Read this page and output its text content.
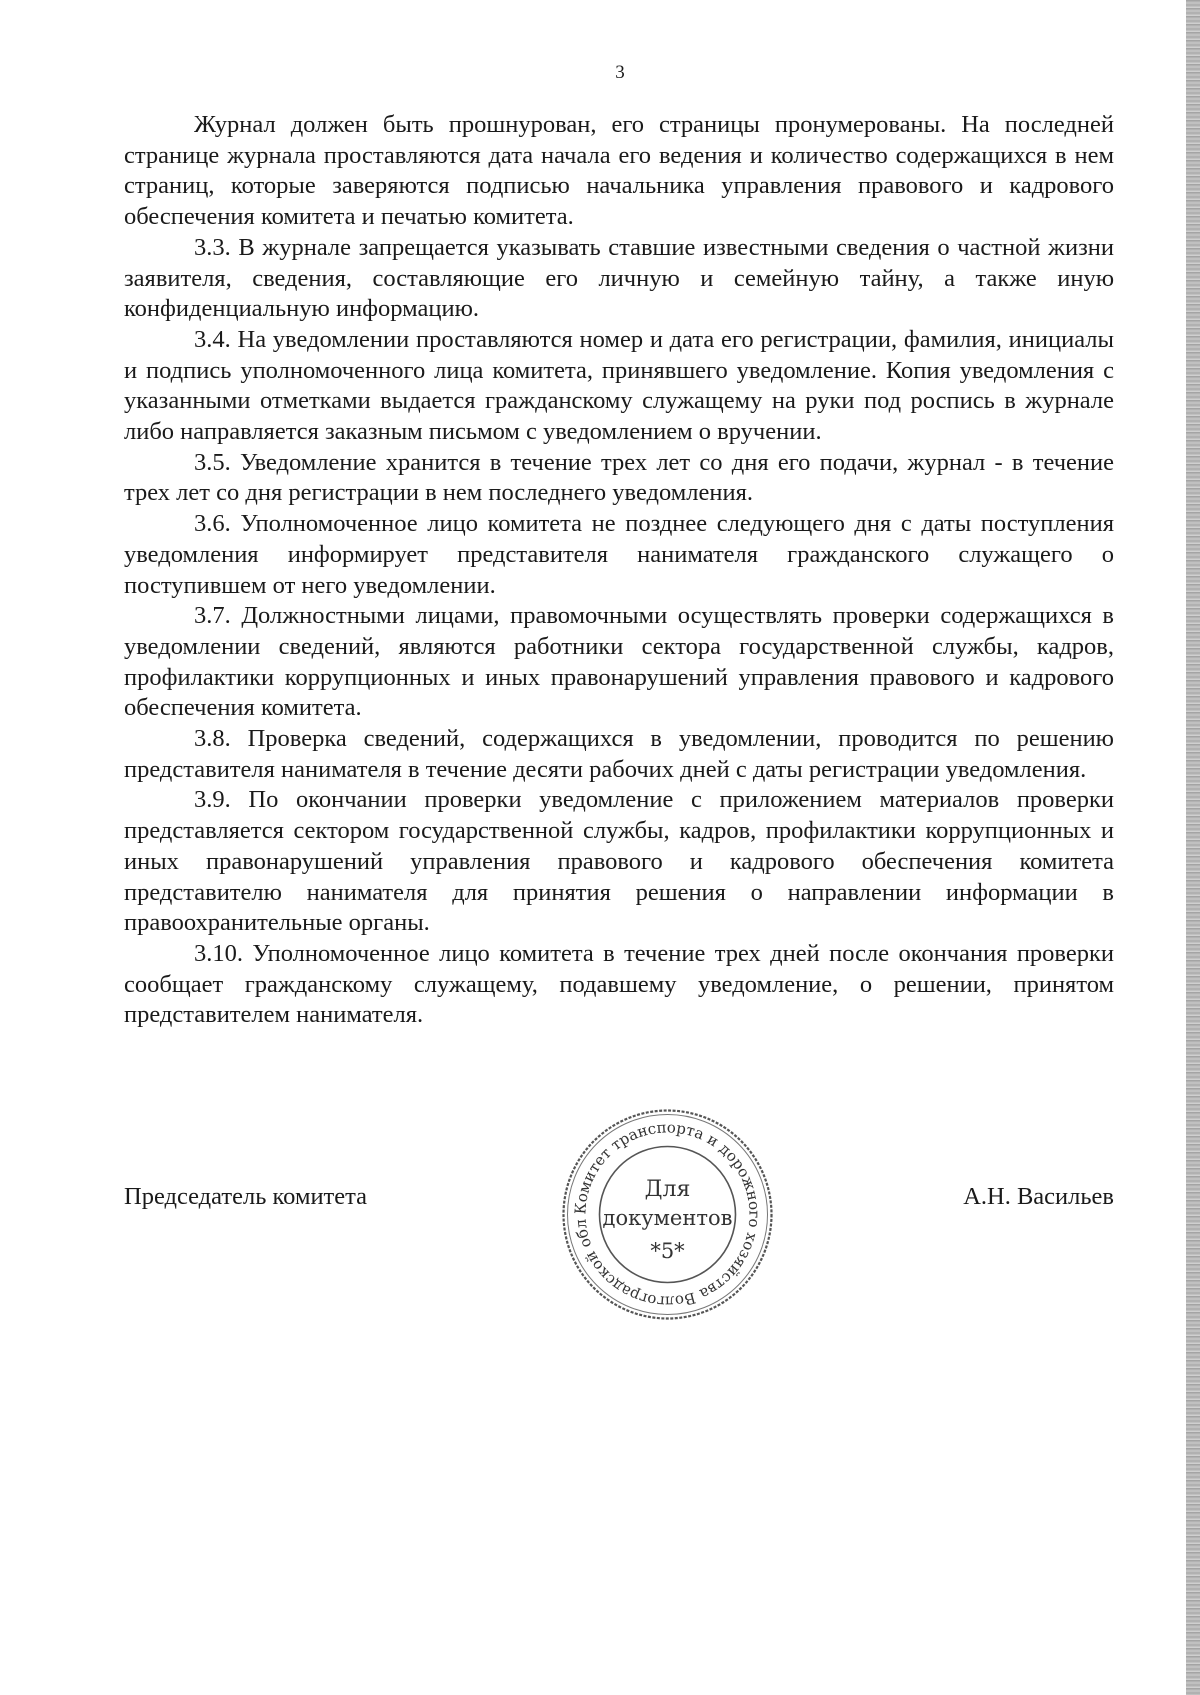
3

Журнал должен быть прошнурован, его страницы пронумерованы. На последней странице журнала проставляются дата начала его ведения и количество содержащихся в нем страниц, которые заверяются подписью начальника управления правового и кадрового обеспечения комитета и печатью комитета.

3.3. В журнале запрещается указывать ставшие известными сведения о частной жизни заявителя, сведения, составляющие его личную и семейную тайну, а также иную конфиденциальную информацию.

3.4. На уведомлении проставляются номер и дата его регистрации, фамилия, инициалы и подпись уполномоченного лица комитета, принявшего уведомление. Копия уведомления с указанными отметками выдается гражданскому служащему на руки под роспись в журнале либо направляется заказным письмом с уведомлением о вручении.

3.5. Уведомление хранится в течение трех лет со дня его подачи, журнал - в течение трех лет со дня регистрации в нем последнего уведомления.

3.6. Уполномоченное лицо комитета не позднее следующего дня с даты поступления уведомления информирует представителя нанимателя гражданского служащего о поступившем от него уведомлении.

3.7. Должностными лицами, правомочными осуществлять проверки содержащихся в уведомлении сведений, являются работники сектора государственной службы, кадров, профилактики коррупционных и иных правонарушений управления правового и кадрового обеспечения комитета.

3.8. Проверка сведений, содержащихся в уведомлении, проводится по решению представителя нанимателя в течение десяти рабочих дней с даты регистрации уведомления.

3.9. По окончании проверки уведомление с приложением материалов проверки представляется сектором государственной службы, кадров, профилактики коррупционных и иных правонарушений управления правового и кадрового обеспечения комитета представителю нанимателя для принятия решения о направлении информации в правоохранительные органы.

3.10. Уполномоченное лицо комитета в течение трех дней после окончания проверки сообщает гражданскому служащему, подавшему уведомление, о решении, принятом представителем нанимателя.

Председатель комитета	А.Н. Васильев
Комитет транспорта и дорожного хозяйства Волгоградской обл
Для
документов
*5*
